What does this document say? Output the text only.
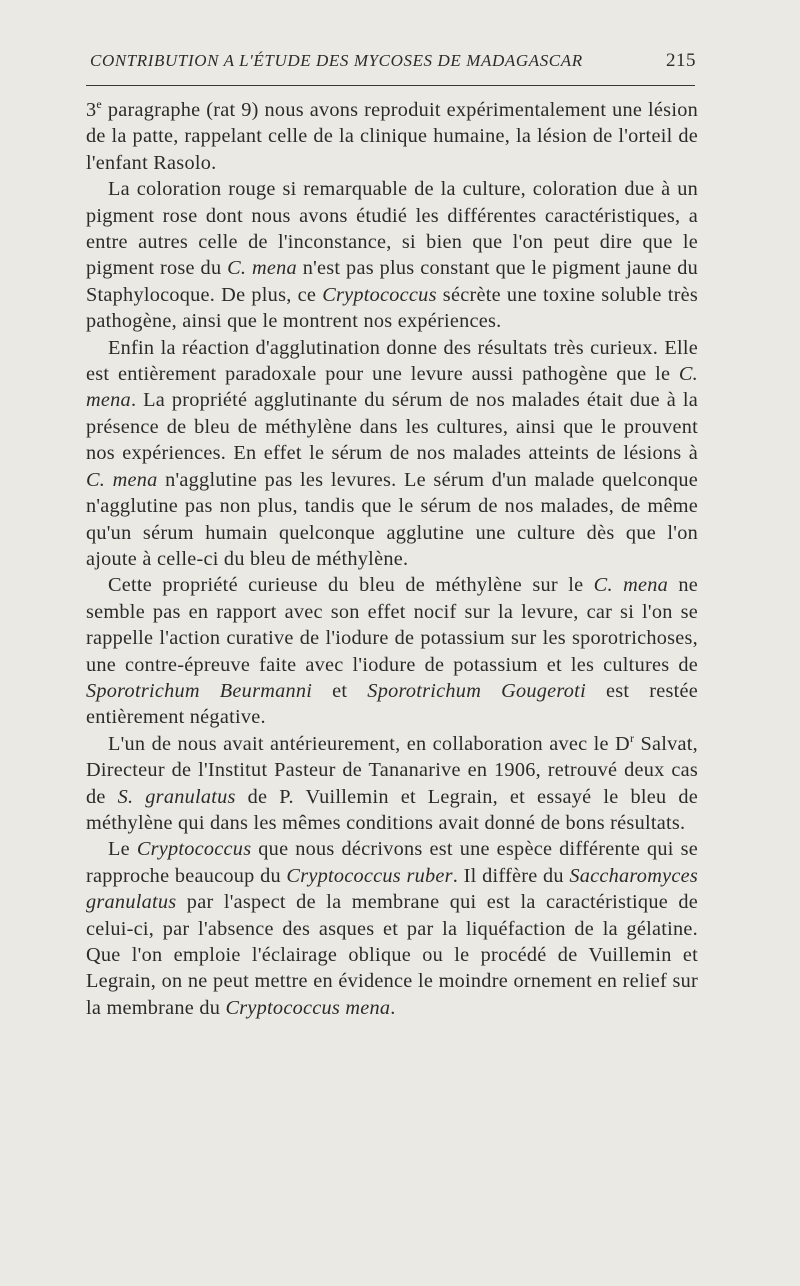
CONTRIBUTION A L'ÉTUDE DES MYCOSES DE MADAGASCAR	215

3e paragraphe (rat 9) nous avons reproduit expérimentalement une lésion de la patte, rappelant celle de la clinique humaine, la lésion de l'orteil de l'enfant Rasolo.

La coloration rouge si remarquable de la culture, coloration due à un pigment rose dont nous avons étudié les différentes caractéristiques, a entre autres celle de l'inconstance, si bien que l'on peut dire que le pigment rose du C. mena n'est pas plus constant que le pigment jaune du Staphylocoque. De plus, ce Cryptococcus sécrète une toxine soluble très pathogène, ainsi que le montrent nos expériences.

Enfin la réaction d'agglutination donne des résultats très curieux. Elle est entièrement paradoxale pour une levure aussi pathogène que le C. mena. La propriété agglutinante du sérum de nos malades était due à la présence de bleu de méthylène dans les cultures, ainsi que le prouvent nos expériences. En effet le sérum de nos malades atteints de lésions à C. mena n'agglutine pas les levures. Le sérum d'un malade quelconque n'agglutine pas non plus, tandis que le sérum de nos malades, de même qu'un sérum humain quelconque agglutine une culture dès que l'on ajoute à celle-ci du bleu de méthylène.

Cette propriété curieuse du bleu de méthylène sur le C. mena ne semble pas en rapport avec son effet nocif sur la levure, car si l'on se rappelle l'action curative de l'iodure de potassium sur les sporotrichoses, une contre-épreuve faite avec l'iodure de potassium et les cultures de Sporotrichum Beurmanni et Sporotrichum Gougeroti est restée entièrement négative.

L'un de nous avait antérieurement, en collaboration avec le $D^r$ Salvat, Directeur de l'Institut Pasteur de Tananarive en 1906, retrouvé deux cas de S. granulatus de P. Vuillemin et Legrain, et essayé le bleu de méthylène qui dans les mêmes conditions avait donné de bons résultats.

Le Cryptococcus que nous décrivons est une espèce différente qui se rapproche beaucoup du Cryptococcus ruber. Il diffère du Saccharomyces granulatus par l'aspect de la membrane qui est la caractéristique de celui-ci, par l'absence des asques et par la liquéfaction de la gélatine. Que l'on emploie l'éclairage oblique ou le procédé de Vuillemin et Legrain, on ne peut mettre en évidence le moindre ornement en relief sur la membrane du Cryptococcus mena.
